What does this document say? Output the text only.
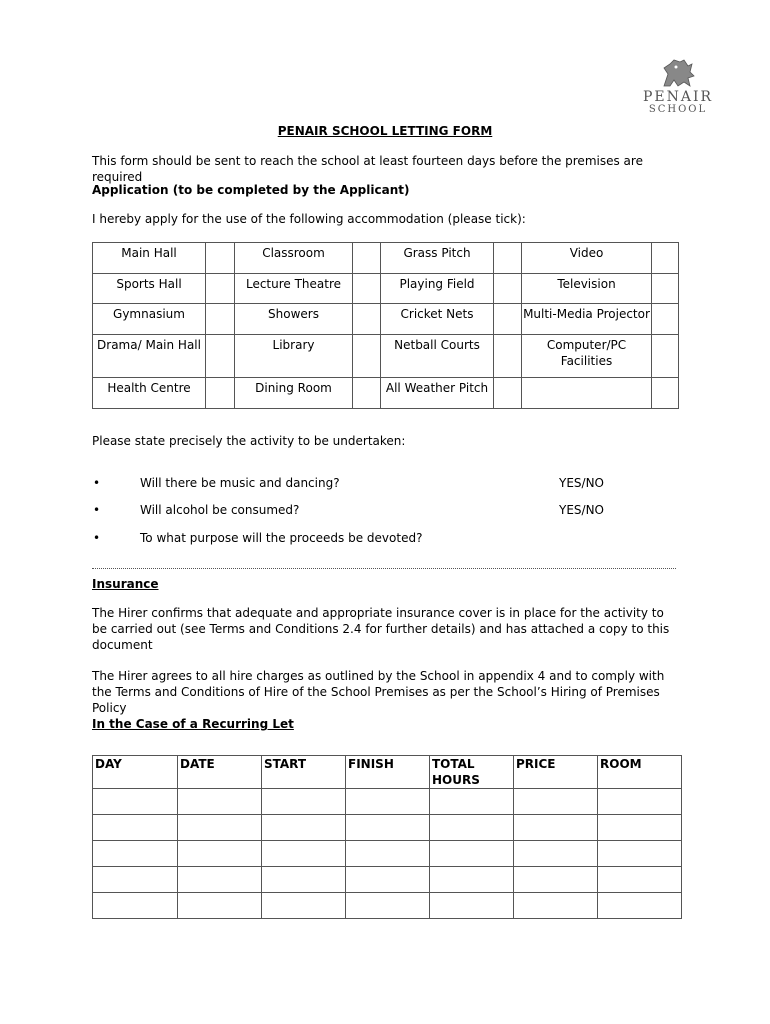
PENAIR
SCHOOL
PENAIR SCHOOL LETTING FORM
This form should be sent to reach the school at least fourteen days before the premises are required
Application (to be completed by the Applicant)
I hereby apply for the use of the following accommodation (please tick):
Main Hall		Classroom		Grass Pitch		Video	
Sports Hall		Lecture Theatre		Playing Field		Television	
Gymnasium		Showers		Cricket Nets		Multi-Media Projector	
Drama/ Main Hall		Library		Netball Courts		Computer/PC Facilities	
Health Centre		Dining Room		All Weather Pitch			
Please state precisely the activity to be undertaken:
•	Will there be music and dancing?	YES/NO
•	Will alcohol be consumed?	YES/NO
•	To what purpose will the proceeds be devoted?
Insurance
The Hirer confirms that adequate and appropriate insurance cover is in place for the activity to be carried out (see Terms and Conditions 2.4 for further details) and has attached a copy to this document
The Hirer agrees to all hire charges as outlined by the School in appendix 4 and to comply with the Terms and Conditions of Hire of the School Premises as per the School’s Hiring of Premises Policy
In the Case of a Recurring Let
DAY	DATE	START	FINISH	TOTAL HOURS	PRICE	ROOM
